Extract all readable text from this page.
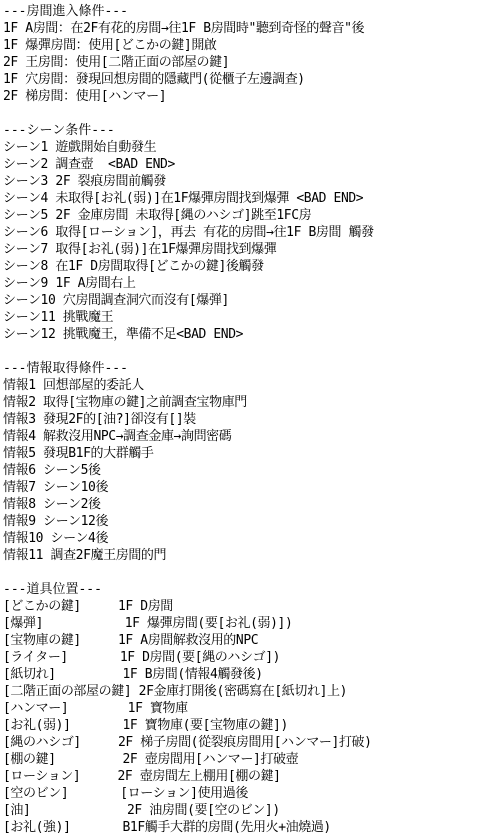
---房間進入條件---
1F A房間：在2F有花的房間→往1F B房間時"聽到奇怪的聲音"後
1F 爆彈房間：使用[どこかの鍵]開啟
2F 王房間：使用[二階正面の部屋の鍵]
1F 穴房間：發現回想房間的隱藏門(從櫃子左邊調查)
2F 梯房間：使用[ハンマー]
---シーン条件---
シーン1 遊戲開始自動發生
シーン2 調查壺  <BAD END>
シーン3 2F 裂痕房間前觸發
シーン4 未取得[お礼(弱)]在1F爆彈房間找到爆彈 <BAD END>
シーン5 2F 金庫房間 未取得[縄のハシゴ]跳至1FC房
シーン6 取得[ローション]，再去 有花的房間→往1F B房間 觸發
シーン7 取得[お礼(弱)]在1F爆彈房間找到爆彈
シーン8 在1F D房間取得[どこかの鍵]後觸發
シーン9 1F A房間右上
シーン10 穴房間調查洞穴而沒有[爆弾]
シーン11 挑戰魔王
シーン12 挑戰魔王，準備不足<BAD END>
---情報取得條件---
情報1 回想部屋的委託人
情報2 取得[宝物庫の鍵]之前調查宝物庫門
情報3 發現2F的[油?]卻沒有[]裝
情報4 解救沒用NPC→調查金庫→詢問密碼
情報5 發現B1F的大群觸手
情報6 シーン5後
情報7 シーン10後
情報8 シーン2後
情報9 シーン12後
情報10 シーン4後
情報11 調查2F魔王房間的門
---道具位置---
[どこかの鍵]     1F D房間
[爆弾]           1F 爆彈房間(要[お礼(弱)])
[宝物庫の鍵]     1F A房間解救沒用的NPC
[ライター]       1F D房間(要[縄のハシゴ])
[紙切れ]         1F B房間(情報4觸發後)
[二階正面の部屋の鍵] 2F金庫打開後(密碼寫在[紙切れ]上)
[ハンマー]        1F 寶物庫
[お礼(弱)]       1F 寶物庫(要[宝物庫の鍵])
[縄のハシゴ]     2F 梯子房間(從裂痕房間用[ハンマー]打破)
[棚の鍵]         2F 壺房間用[ハンマー]打破壺
[ローション]     2F 壺房間左上棚用[棚の鍵]
[空のビン]       [ローション]使用過後
[油]             2F 油房間(要[空のビン])
[お礼(強)]       B1F觸手大群的房間(先用火+油燒過)
